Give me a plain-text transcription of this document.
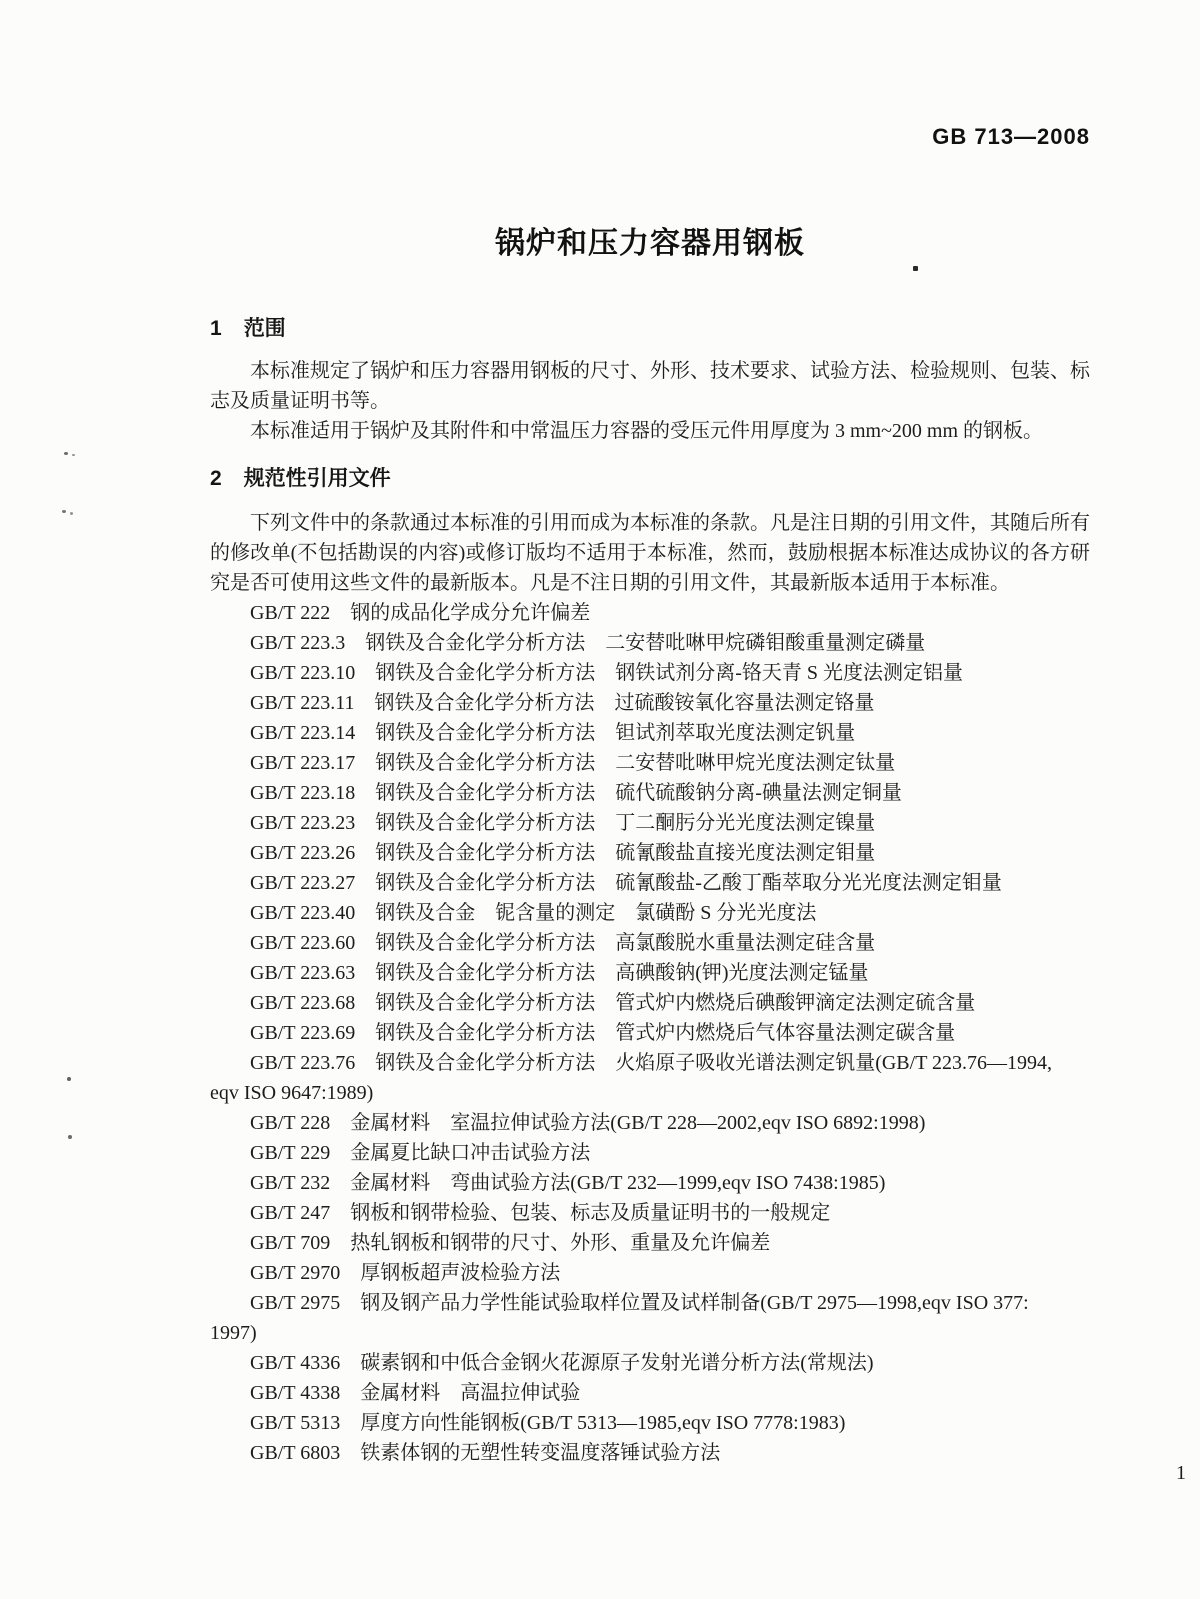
GB 713—2008
锅炉和压力容器用钢板
1 范围

本标准规定了锅炉和压力容器用钢板的尺寸、外形、技术要求、试验方法、检验规则、包装、标志及质量证明书等。

本标准适用于锅炉及其附件和中常温压力容器的受压元件用厚度为 3 mm~200 mm 的钢板。

2 规范性引用文件

下列文件中的条款通过本标准的引用而成为本标准的条款。凡是注日期的引用文件，其随后所有的修改单(不包括勘误的内容)或修订版均不适用于本标准，然而，鼓励根据本标准达成协议的各方研究是否可使用这些文件的最新版本。凡是不注日期的引用文件，其最新版本适用于本标准。

GB/T 222 钢的成品化学成分允许偏差
GB/T 223.3 钢铁及合金化学分析方法　二安替吡啉甲烷磷钼酸重量测定磷量
GB/T 223.10 钢铁及合金化学分析方法　钢铁试剂分离-铬天青 S 光度法测定铝量
GB/T 223.11 钢铁及合金化学分析方法　过硫酸铵氧化容量法测定铬量
GB/T 223.14 钢铁及合金化学分析方法　钽试剂萃取光度法测定钒量
GB/T 223.17 钢铁及合金化学分析方法　二安替吡啉甲烷光度法测定钛量
GB/T 223.18 钢铁及合金化学分析方法　硫代硫酸钠分离-碘量法测定铜量
GB/T 223.23 钢铁及合金化学分析方法　丁二酮肟分光光度法测定镍量
GB/T 223.26 钢铁及合金化学分析方法　硫氰酸盐直接光度法测定钼量
GB/T 223.27 钢铁及合金化学分析方法　硫氰酸盐-乙酸丁酯萃取分光光度法测定钼量
GB/T 223.40 钢铁及合金　铌含量的测定　氯磺酚 S 分光光度法
GB/T 223.60 钢铁及合金化学分析方法　高氯酸脱水重量法测定硅含量
GB/T 223.63 钢铁及合金化学分析方法　高碘酸钠(钾)光度法测定锰量
GB/T 223.68 钢铁及合金化学分析方法　管式炉内燃烧后碘酸钾滴定法测定硫含量
GB/T 223.69 钢铁及合金化学分析方法　管式炉内燃烧后气体容量法测定碳含量
GB/T 223.76 钢铁及合金化学分析方法　火焰原子吸收光谱法测定钒量(GB/T 223.76—1994,
eqv ISO 9647:1989)
GB/T 228 金属材料　室温拉伸试验方法(GB/T 228—2002,eqv ISO 6892:1998)
GB/T 229 金属夏比缺口冲击试验方法
GB/T 232 金属材料　弯曲试验方法(GB/T 232—1999,eqv ISO 7438:1985)
GB/T 247 钢板和钢带检验、包装、标志及质量证明书的一般规定
GB/T 709 热轧钢板和钢带的尺寸、外形、重量及允许偏差
GB/T 2970 厚钢板超声波检验方法
GB/T 2975 钢及钢产品力学性能试验取样位置及试样制备(GB/T 2975—1998,eqv ISO 377:
1997)
GB/T 4336 碳素钢和中低合金钢火花源原子发射光谱分析方法(常规法)
GB/T 4338 金属材料　高温拉伸试验
GB/T 5313 厚度方向性能钢板(GB/T 5313—1985,eqv ISO 7778:1983)
GB/T 6803 铁素体钢的无塑性转变温度落锤试验方法
1
